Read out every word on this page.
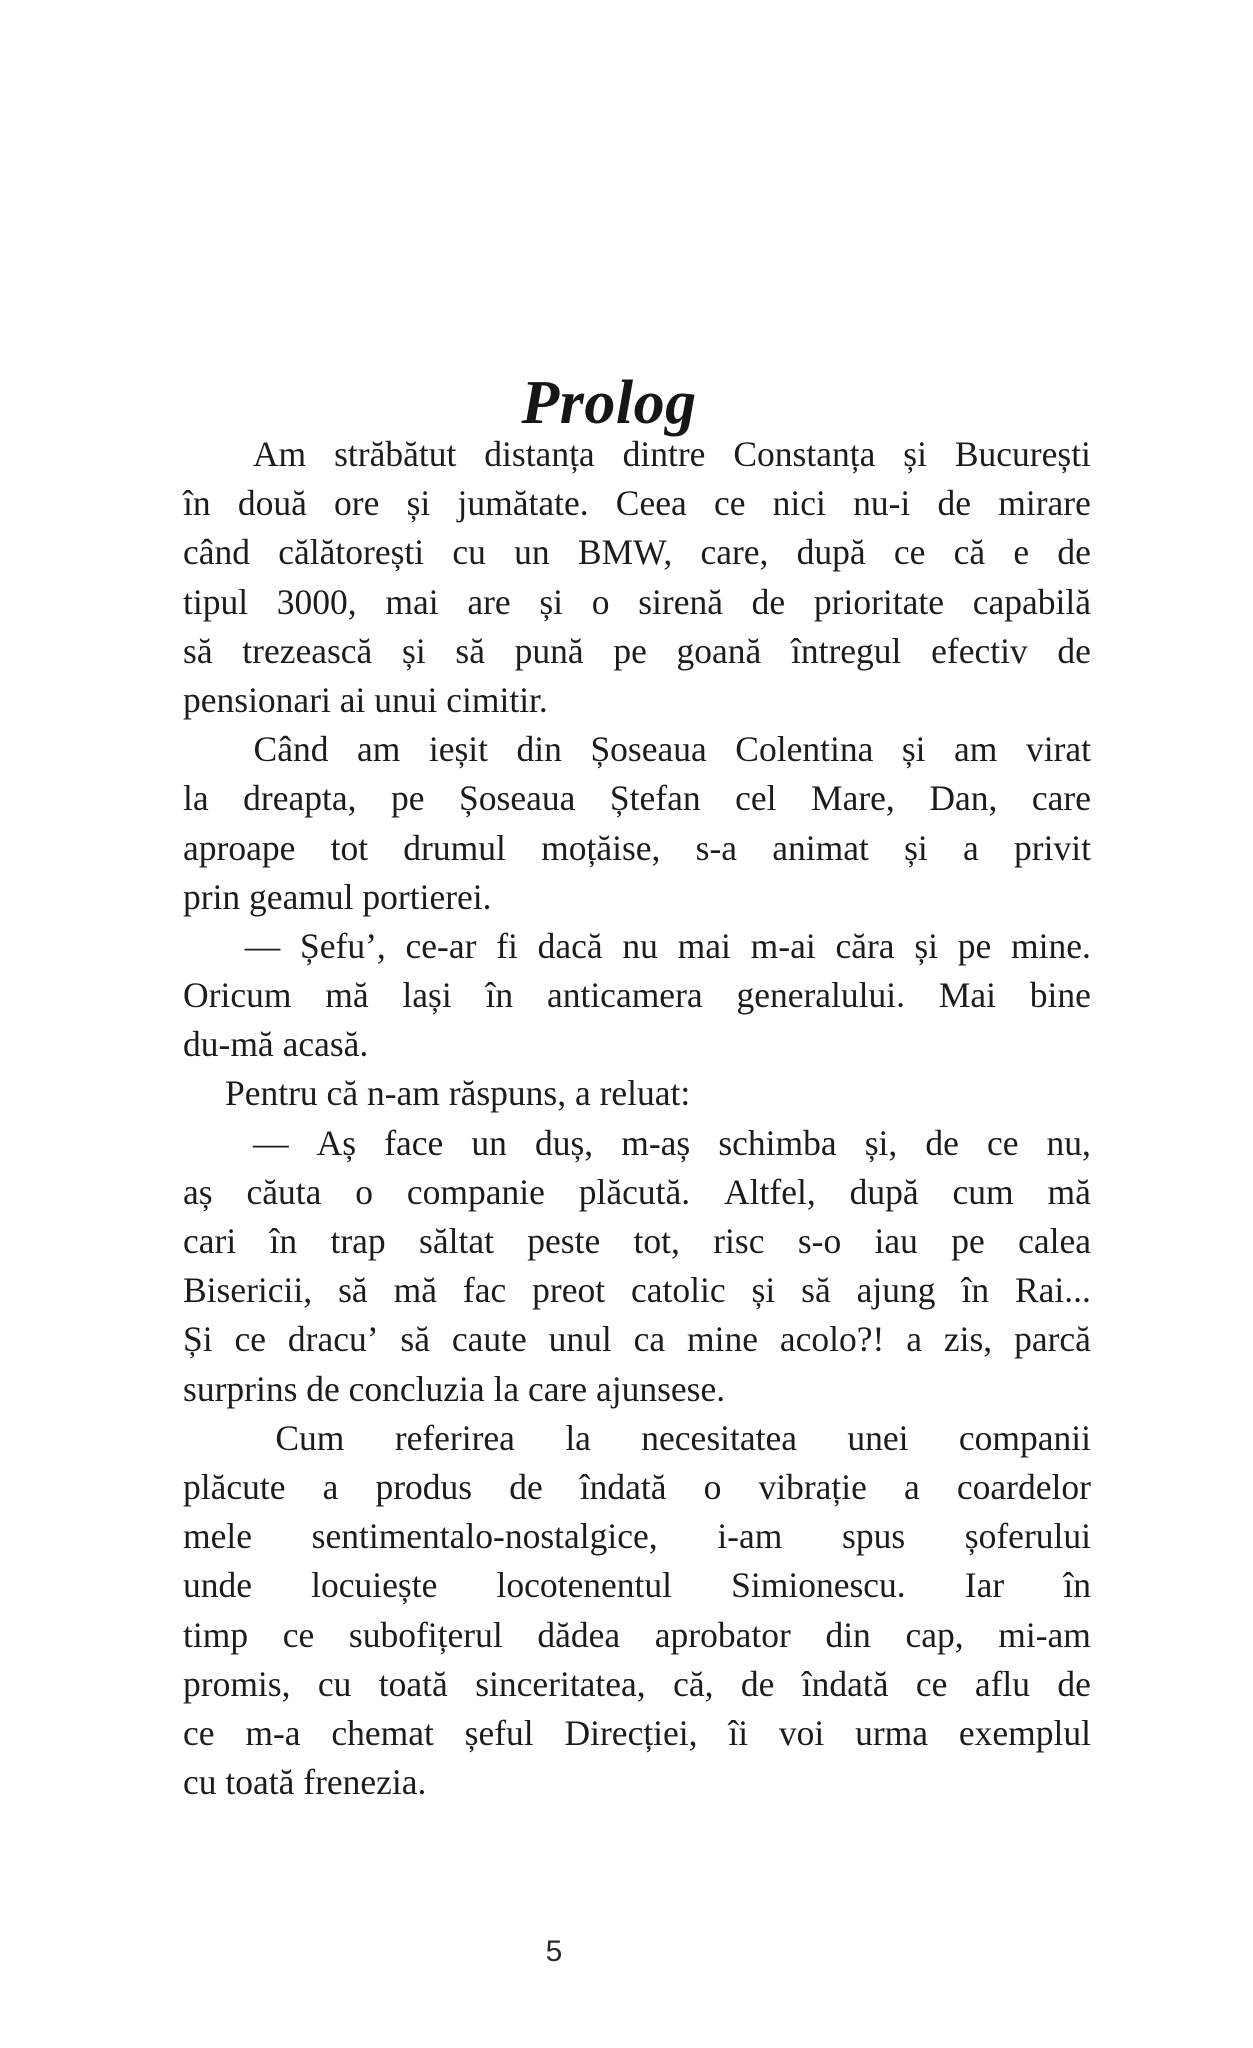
Prolog
Am străbătut distanța dintre Constanța și București
în două ore și jumătate. Ceea ce nici nu-i de mirare
când călătorești cu un BMW, care, după ce că e de
tipul 3000, mai are și o sirenă de prioritate capabilă
să trezească și să pună pe goană întregul efectiv de
pensionari ai unui cimitir.
Când am ieșit din Șoseaua Colentina și am virat
la dreapta, pe Șoseaua Ștefan cel Mare, Dan, care
aproape tot drumul moțăise, s-a animat și a privit
prin geamul portierei.
— Șefu’, ce-ar fi dacă nu mai m-ai căra și pe mine.
Oricum mă lași în anticamera generalului. Mai bine
du-mă acasă.
Pentru că n-am răspuns, a reluat:
— Aș face un duș, m-aș schimba și, de ce nu,
aș căuta o companie plăcută. Altfel, după cum mă
cari în trap săltat peste tot, risc s-o iau pe calea
Bisericii, să mă fac preot catolic și să ajung în Rai...
Și ce dracu’ să caute unul ca mine acolo?! a zis, parcă
surprins de concluzia la care ajunsese.
Cum referirea la necesitatea unei companii
plăcute a produs de îndată o vibrație a coardelor
mele sentimentalo-nostalgice, i-am spus șoferului
unde locuiește locotenentul Simionescu. Iar în
timp ce subofițerul dădea aprobator din cap, mi-am
promis, cu toată sinceritatea, că, de îndată ce aflu de
ce m-a chemat șeful Direcției, îi voi urma exemplul
cu toată frenezia.
5
